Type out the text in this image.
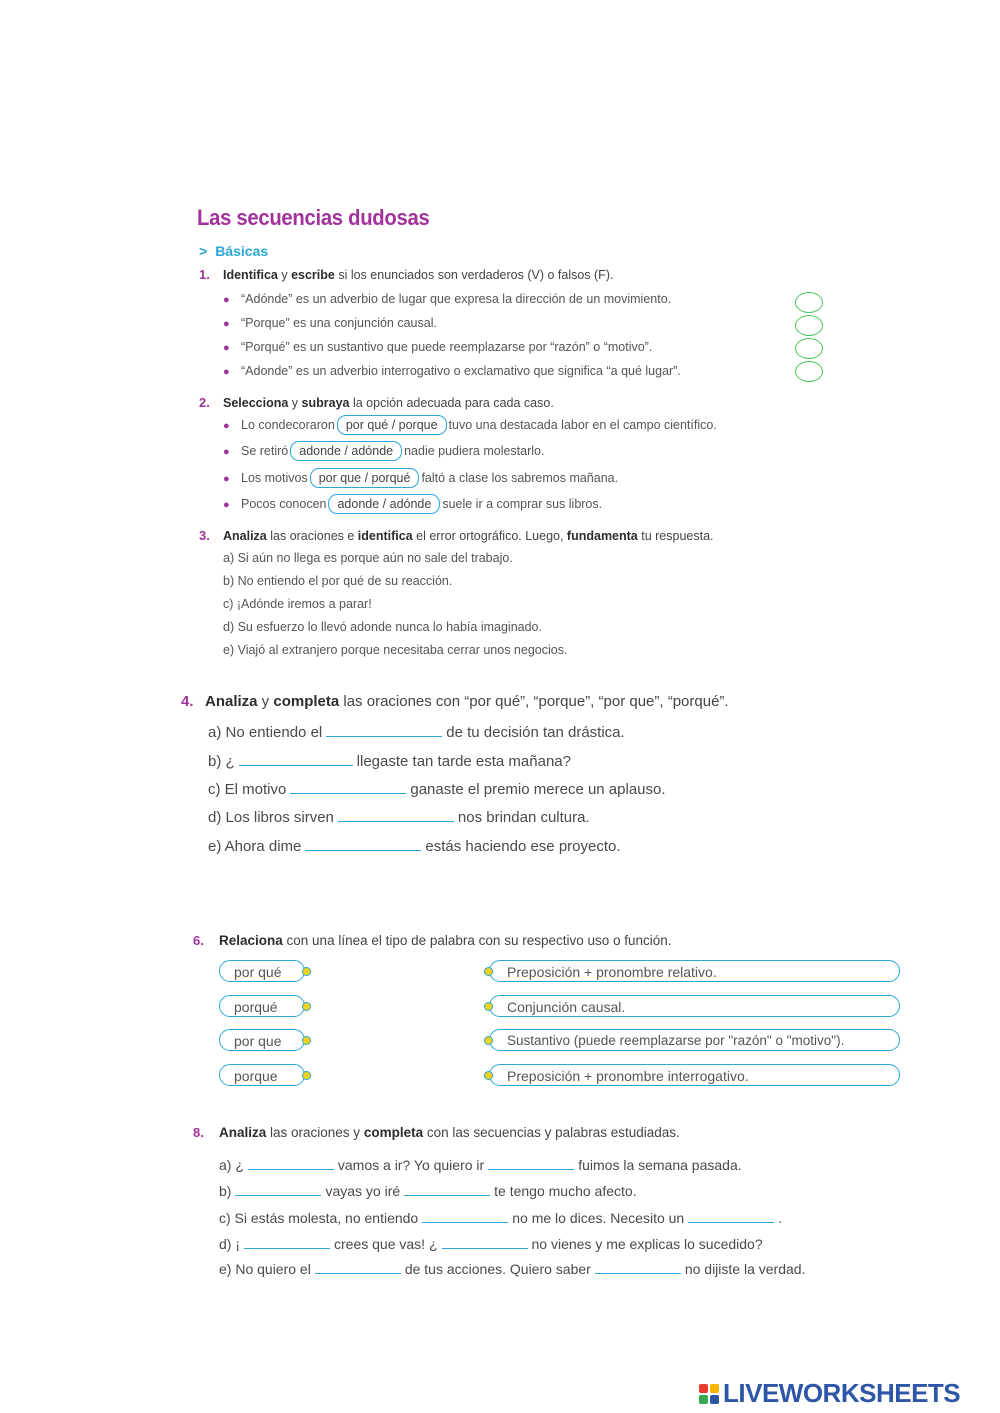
Las secuencias dudosas
> Básicas
1. Identifica y escribe si los enunciados son verdaderos (V) o falsos (F).
● “Adónde” es un adverbio de lugar que expresa la dirección de un movimiento.
● “Porque” es una conjunción causal.
● “Porqué” es un sustantivo que puede reemplazarse por “razón” o “motivo”.
● “Adonde” es un adverbio interrogativo o exclamativo que significa “a qué lugar”.
2. Selecciona y subraya la opción adecuada para cada caso.
● Lo condecoraron por qué / porque tuvo una destacada labor en el campo científico.
● Se retiró adonde / adónde nadie pudiera molestarlo.
● Los motivos por que / porqué faltó a clase los sabremos mañana.
● Pocos conocen adonde / adónde suele ir a comprar sus libros.
3. Analiza las oraciones e identifica el error ortográfico. Luego, fundamenta tu respuesta.
a) Si aún no llega es porque aún no sale del trabajo.
b) No entiendo el por qué de su reacción.
c) ¡Adónde iremos a parar!
d) Su esfuerzo lo llevó adonde nunca lo había imaginado.
e) Viajó al extranjero porque necesitaba cerrar unos negocios.
4. Analiza y completa las oraciones con “por qué”, “porque”, “por que”, “porqué”.
a) No entiendo el	de tu decisión tan drástica.
b) ¿	llegaste tan tarde esta mañana?
c) El motivo	ganaste el premio merece un aplauso.
d) Los libros sirven	nos brindan cultura.
e) Ahora dime	estás haciendo ese proyecto.
6. Relaciona con una línea el tipo de palabra con su respectivo uso o función.
por qué
porqué
por que
porque
Preposición + pronombre relativo.
Conjunción causal.
Sustantivo (puede reemplazarse por "razón" o "motivo").
Preposición + pronombre interrogativo.
8. Analiza las oraciones y completa con las secuencias y palabras estudiadas.
a) ¿	vamos a ir? Yo quiero ir	fuimos la semana pasada.
b)	vayas yo iré	te tengo mucho afecto.
c) Si estás molesta, no entiendo	no me lo dices. Necesito un	.
d) ¡	crees que vas! ¿	no vienes y me explicas lo sucedido?
e) No quiero el	de tus acciones. Quiero saber	no dijiste la verdad.
LIVEWORKSHEETS
